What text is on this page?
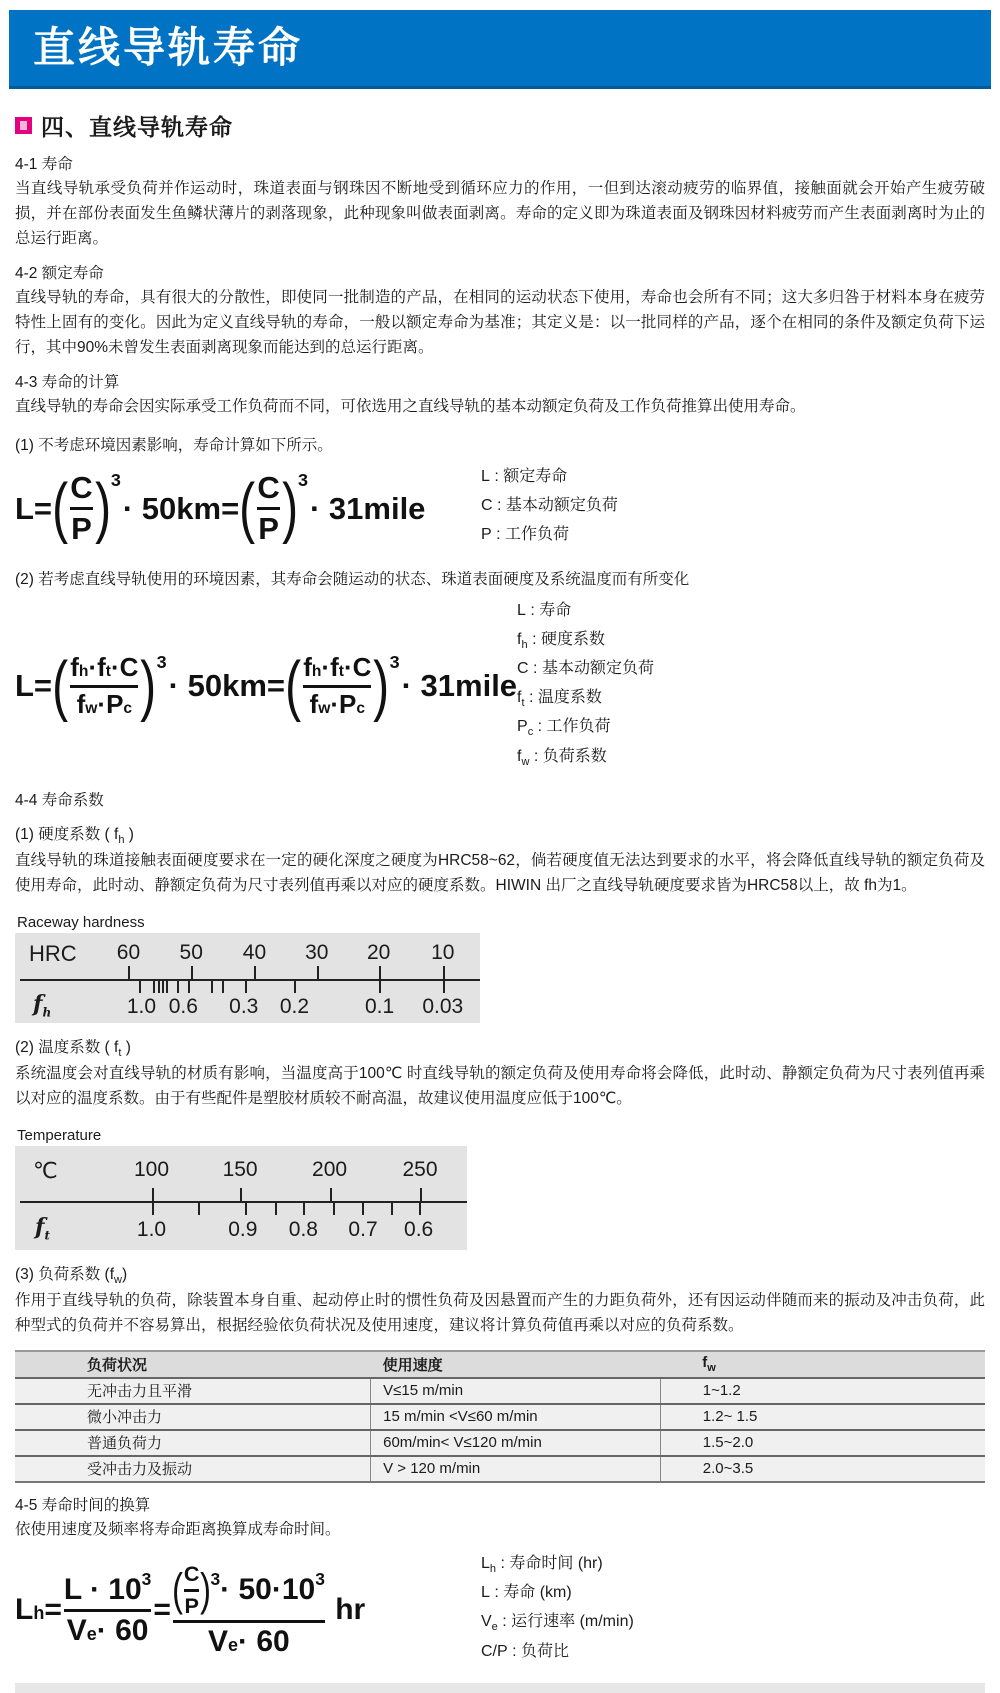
直线导轨寿命
四、直线导轨寿命
4-1 寿命

当直线导轨承受负荷并作运动时，珠道表面与钢珠因不断地受到循环应力的作用，一但到达滚动疲劳的临界值，接触面就会开始产生疲劳破损，并在部份表面发生鱼鳞状薄片的剥落现象，此种现象叫做表面剥离。寿命的定义即为珠道表面及钢珠因材料疲劳而产生表面剥离时为止的总运行距离。

4-2 额定寿命

直线导轨的寿命，具有很大的分散性，即使同一批制造的产品，在相同的运动状态下使用，寿命也会所有不同；这大多归咎于材料本身在疲劳特性上固有的变化。因此为定义直线导轨的寿命，一般以额定寿命为基准；其定义是：以一批同样的产品，逐个在相同的条件及额定负荷下运行，其中90%未曾发生表面剥离现象而能达到的总运行距离。

4-3 寿命的计算

直线导轨的寿命会因实际承受工作负荷而不同，可依选用之直线导轨的基本动额定负荷及工作负荷推算出使用寿命。

(1) 不考虑环境因素影响，寿命计算如下所示。

L= ( $\frac{C}{P}$ ) 3
· 50km= ( $\frac{C}{P}$ ) 3
· 31mile
L : 额定寿命
C : 基本动额定负荷
P : 工作负荷

(2) 若考虑直线导轨使用的环境因素，其寿命会随运动的状态、珠道表面硬度及系统温度而有所变化

L= ( $\frac{\text{f h · f t · C}}{\text{f w · P c}}$ ) 3
· 50km= ( $\frac{\text{f h · f t · C}}{\text{f w · P c}}$ ) 3
· 31mile
L : 寿命
$f_h$ : 硬度系数
C : 基本动额定负荷
$f_t$ : 温度系数
$P_c$ : 工作负荷
$f_w$ : 负荷系数
4-4 寿命系数
(1) 硬度系数 ( $f_h$ )

直线导轨的珠道接触表面硬度要求在一定的硬化深度之硬度为HRC58~62，倘若硬度值无法达到要求的水平，将会降低直线导轨的额定负荷及使用寿命，此时动、静额定负荷为尺寸表列值再乘以对应的硬度系数。HIWIN 出厂之直线导轨硬度要求皆为HRC58以上，故 fh为1。

Raceway hardness
HRC 60 50 40 30 20 10
$f_h$	1.0 0.6 0.3 0.2	0.1 0.03
(2) 温度系数 ( $f_t$ )

系统温度会对直线导轨的材质有影响，当温度高于100℃ 时直线导轨的额定负荷及使用寿命将会降低，此时动、静额定负荷为尺寸表列值再乘以对应的温度系数。由于有些配件是塑胶材质较不耐高温，故建议使用温度应低于100℃。

Temperature
℃	100	150	200	250
$f_t$	1.0	0.9 0.8 0.7 0.6
(3) 负荷系数 $(f_w)$

作用于直线导轨的负荷，除装置本身自重、起动停止时的惯性负荷及因悬置而产生的力距负荷外，还有因运动伴随而来的振动及冲击负荷，此种型式的负荷并不容易算出，根据经验依负荷状况及使用速度，建议将计算负荷值再乘以对应的负荷系数。

负荷状况	使用速度	$f_w$
无冲击力且平滑	V≤15 m/min	1~1.2
微小冲击力	15 m/min <V≤60 m/min	1.2~ 1.5
普通负荷力	60m/min< V≤120 m/min	1.5~2.0
受冲击力及振动	V > 120 m/min	2.0~3.5
4-5 寿命时间的换算

依使用速度及频率将寿命距离换算成寿命时间。

L $h = \frac{L \cdot 10^3}{\text{V e · 60}}$ = ( $\frac{C}{P} )^3 \cdot 50\cdot 10^3$
V e · 60
hr
$L_h$ : 寿命时间 (hr)
L : 寿命 (km)
$V_e$ : 运行速率 (m/min)
C/P : 负荷比
